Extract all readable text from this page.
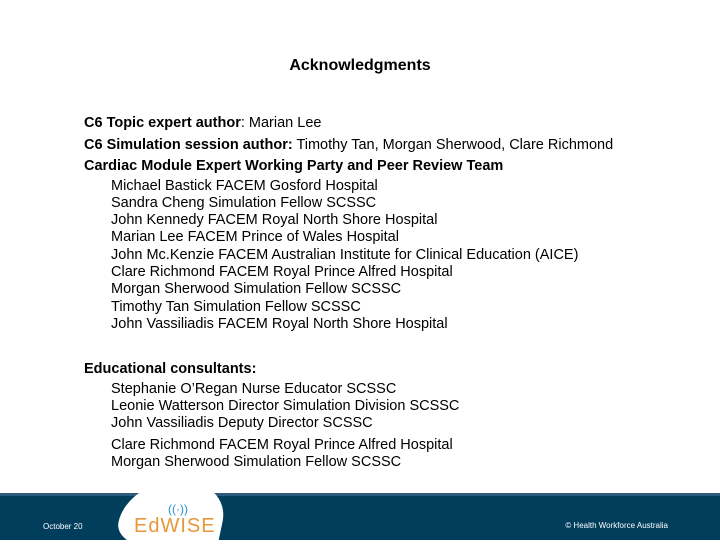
Acknowledgments
C6 Topic expert author: Marian Lee
C6 Simulation session author: Timothy Tan, Morgan Sherwood, Clare Richmond
Cardiac Module Expert Working Party and Peer Review Team
Michael Bastick FACEM Gosford Hospital
Sandra Cheng Simulation Fellow SCSSC
John Kennedy FACEM Royal North Shore Hospital
Marian Lee FACEM Prince of Wales Hospital
John Mc.Kenzie FACEM Australian Institute for Clinical Education (AICE)
Clare Richmond FACEM Royal Prince Alfred Hospital
Morgan Sherwood Simulation Fellow SCSSC
Timothy Tan Simulation Fellow SCSSC
John Vassiliadis FACEM Royal North Shore Hospital
Educational consultants:
Stephanie O’Regan Nurse Educator SCSSC
Leonie Watterson Director Simulation Division SCSSC
John Vassiliadis Deputy Director SCSSC
Clare Richmond FACEM Royal Prince Alfred Hospital
Morgan Sherwood Simulation Fellow SCSSC
October 20	© Health Workforce Australia
((·))
EdWISE
